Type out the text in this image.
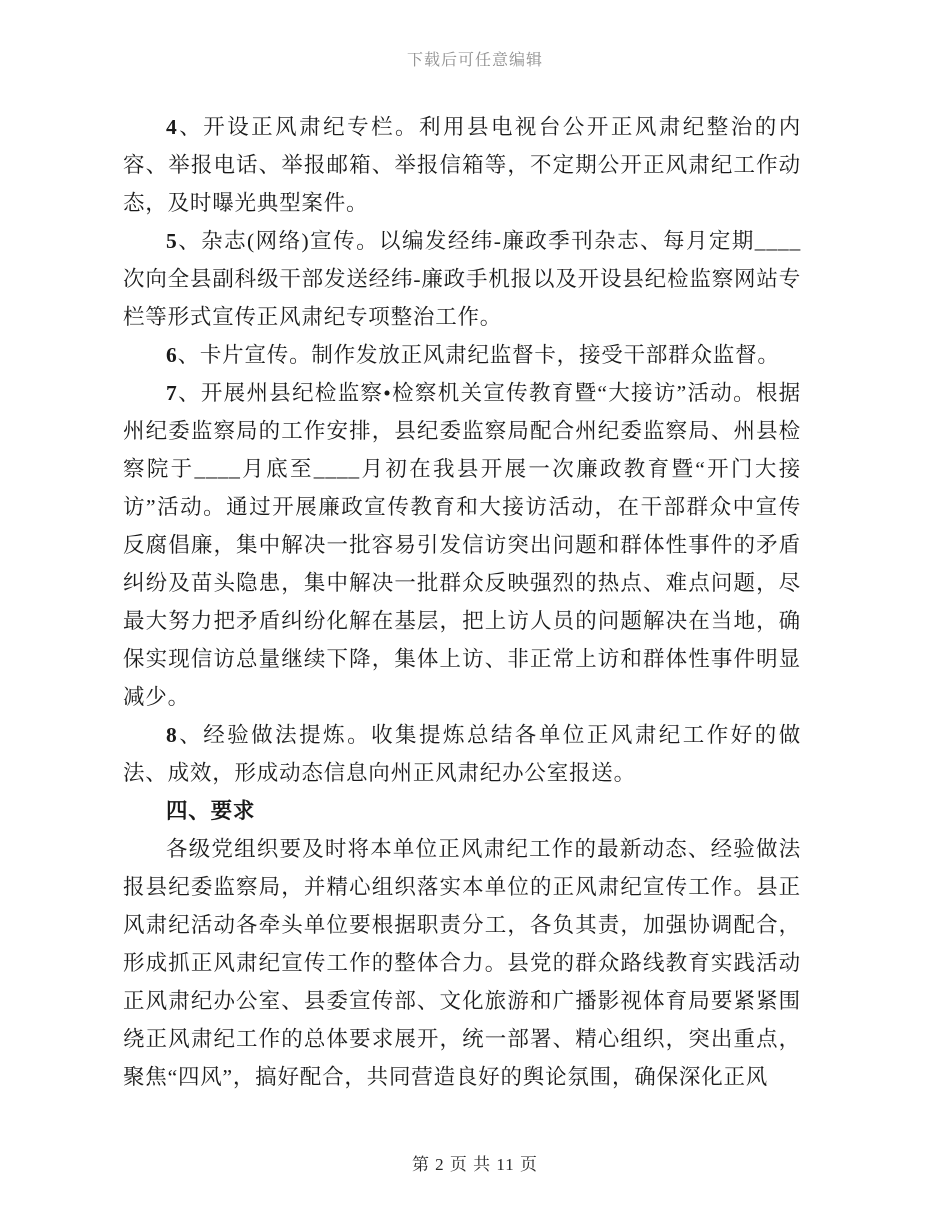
下载后可任意编辑

4、开设正风肃纪专栏。利用县电视台公开正风肃纪整治的内容、举报电话、举报邮箱、举报信箱等，不定期公开正风肃纪工作动态，及时曝光典型案件。

5、杂志(网络)宣传。以编发经纬-廉政季刊杂志、每月定期____次向全县副科级干部发送经纬-廉政手机报以及开设县纪检监察网站专栏等形式宣传正风肃纪专项整治工作。

6、卡片宣传。制作发放正风肃纪监督卡，接受干部群众监督。

7、开展州县纪检监察•检察机关宣传教育暨“大接访”活动。根据州纪委监察局的工作安排，县纪委监察局配合州纪委监察局、州县检察院于____月底至____月初在我县开展一次廉政教育暨“开门大接访”活动。通过开展廉政宣传教育和大接访活动，在干部群众中宣传反腐倡廉，集中解决一批容易引发信访突出问题和群体性事件的矛盾纠纷及苗头隐患，集中解决一批群众反映强烈的热点、难点问题，尽最大努力把矛盾纠纷化解在基层，把上访人员的问题解决在当地，确保实现信访总量继续下降，集体上访、非正常上访和群体性事件明显减少。

8、经验做法提炼。收集提炼总结各单位正风肃纪工作好的做法、成效，形成动态信息向州正风肃纪办公室报送。

四、要求

各级党组织要及时将本单位正风肃纪工作的最新动态、经验做法报县纪委监察局，并精心组织落实本单位的正风肃纪宣传工作。县正风肃纪活动各牵头单位要根据职责分工，各负其责，加强协调配合，形成抓正风肃纪宣传工作的整体合力。县党的群众路线教育实践活动正风肃纪办公室、县委宣传部、文化旅游和广播影视体育局要紧紧围绕正风肃纪工作的总体要求展开，统一部署、精心组织，突出重点，聚焦“四风”，搞好配合，共同营造良好的舆论氛围，确保深化正风

第 2 页 共 11 页
